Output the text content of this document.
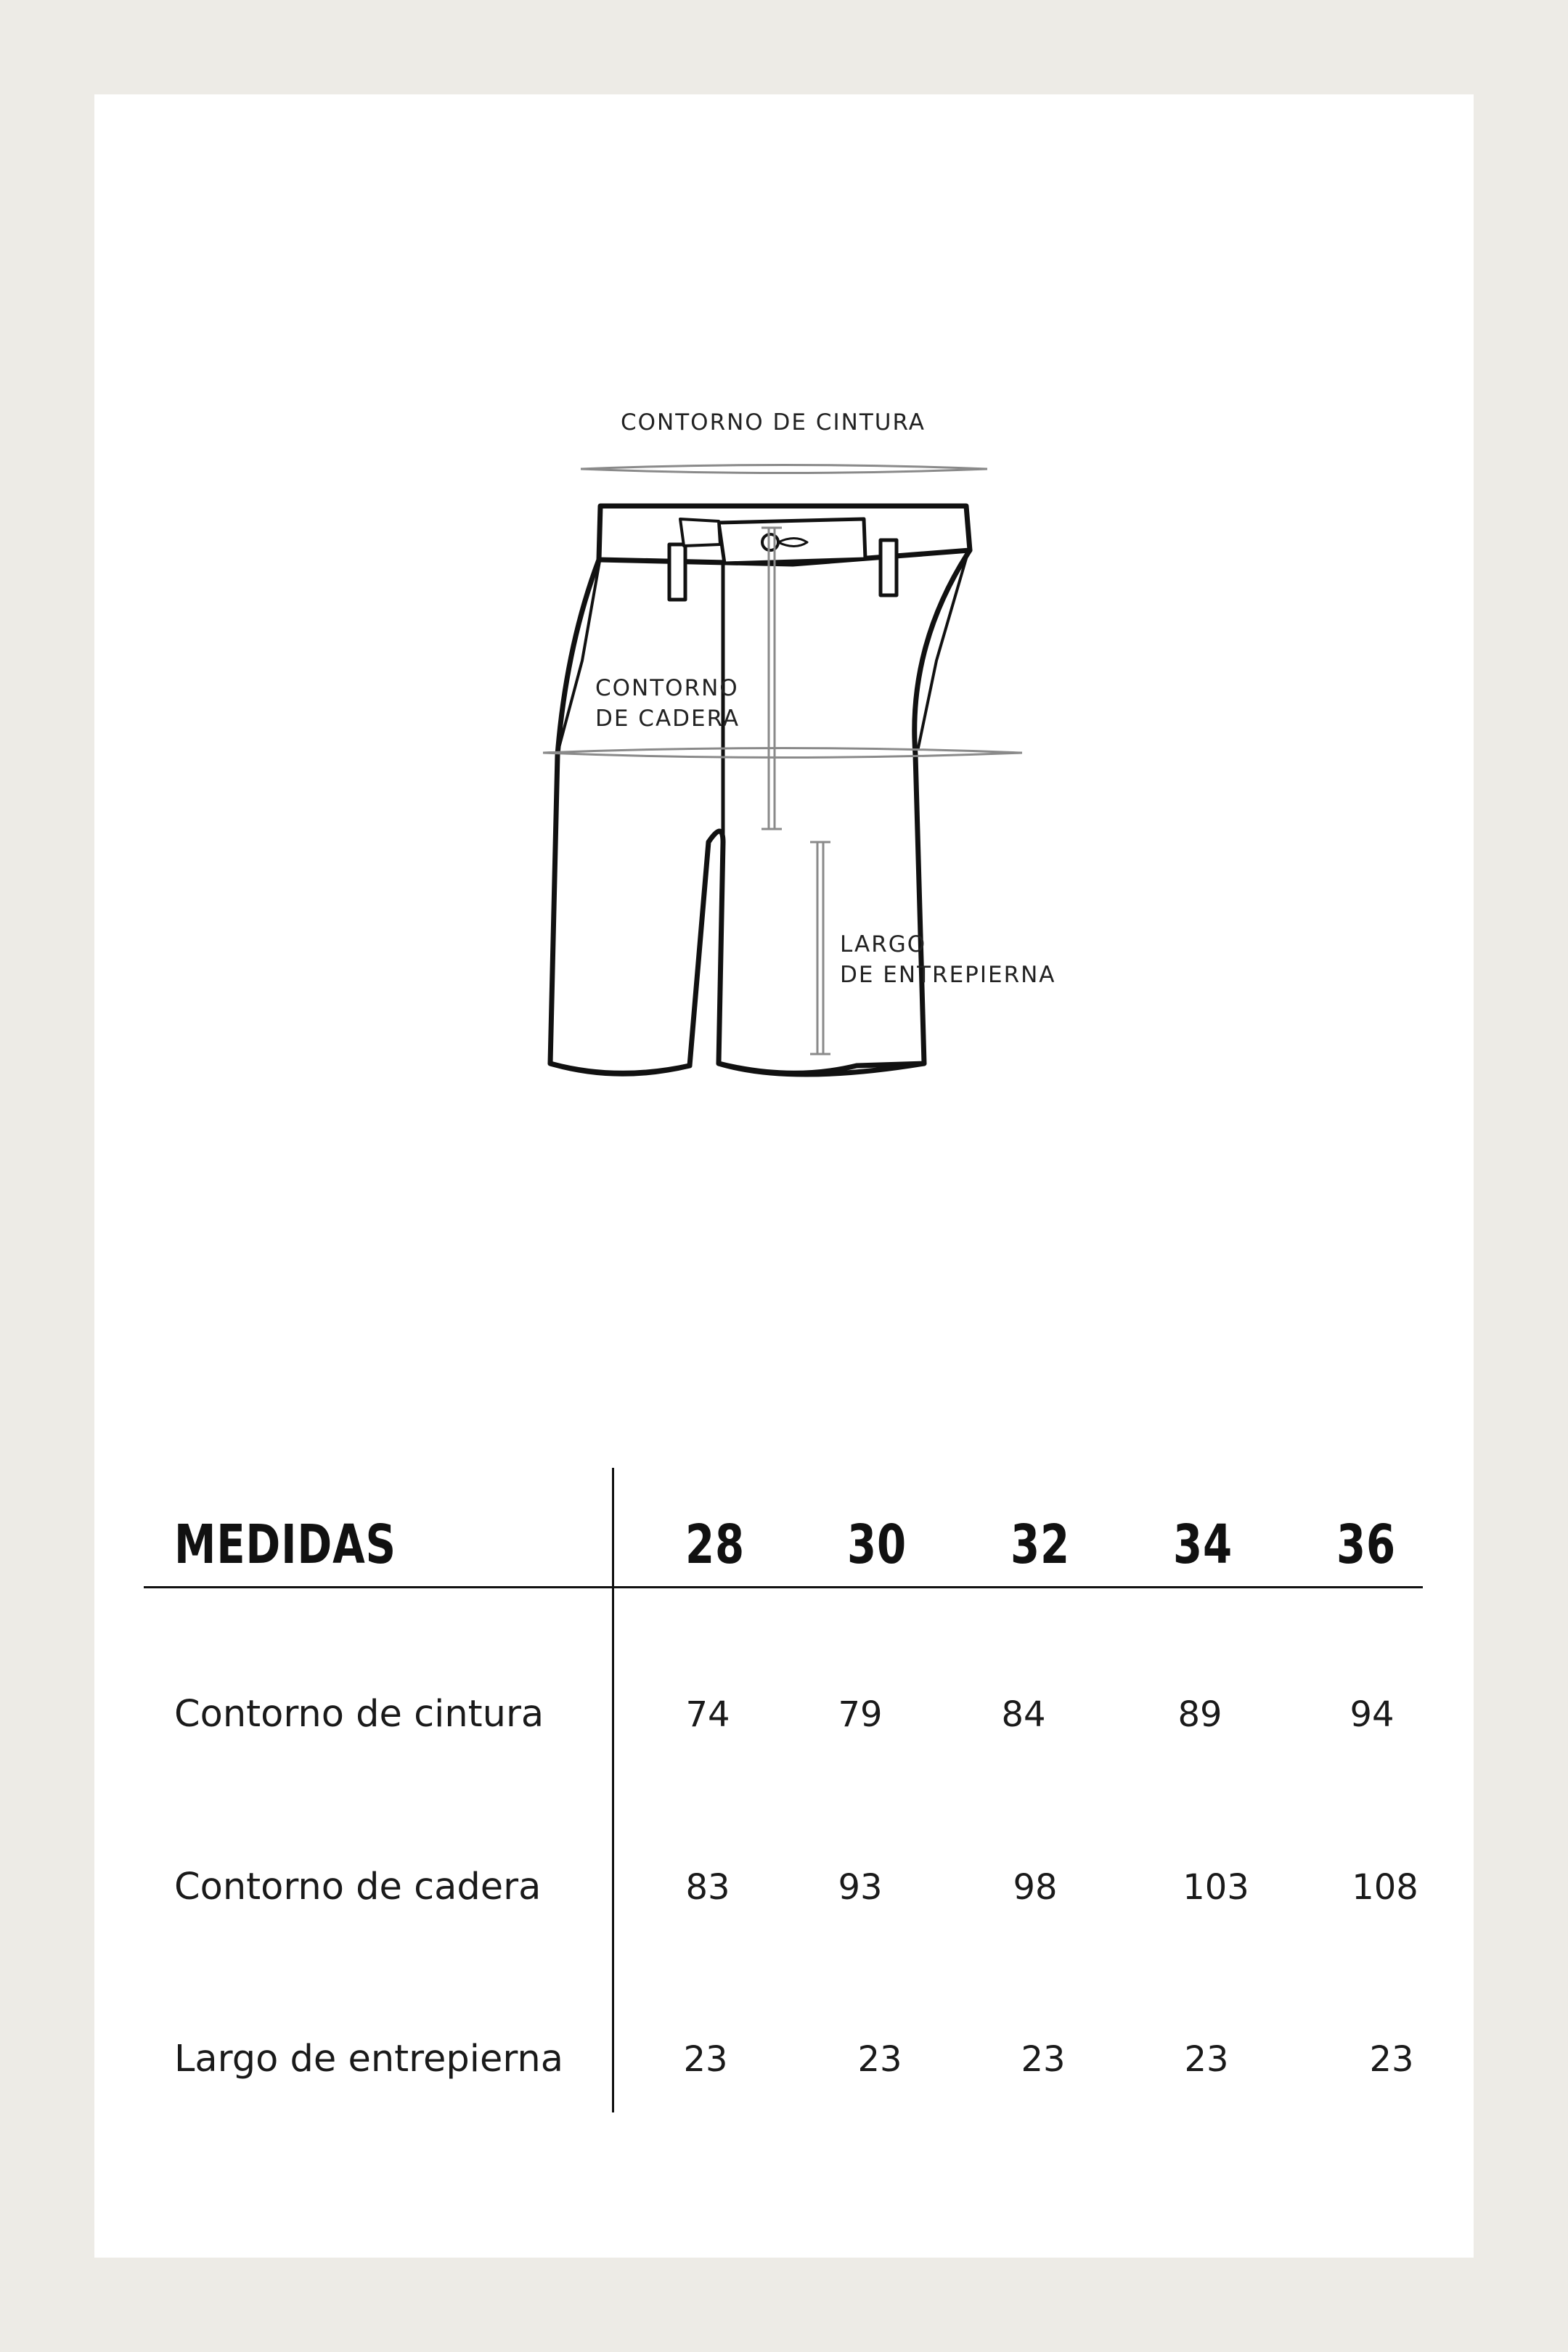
CONTORNO DE CINTURA
CONTORNO
DE CADERA
LARGO
DE ENTREPIERNA
MEDIDAS	28	30	32	34	36
Contorno de cintura	74	79	84	89	94
Contorno de cadera	83	93	98	103	108
Largo de entrepierna	23	23	23	23	23
